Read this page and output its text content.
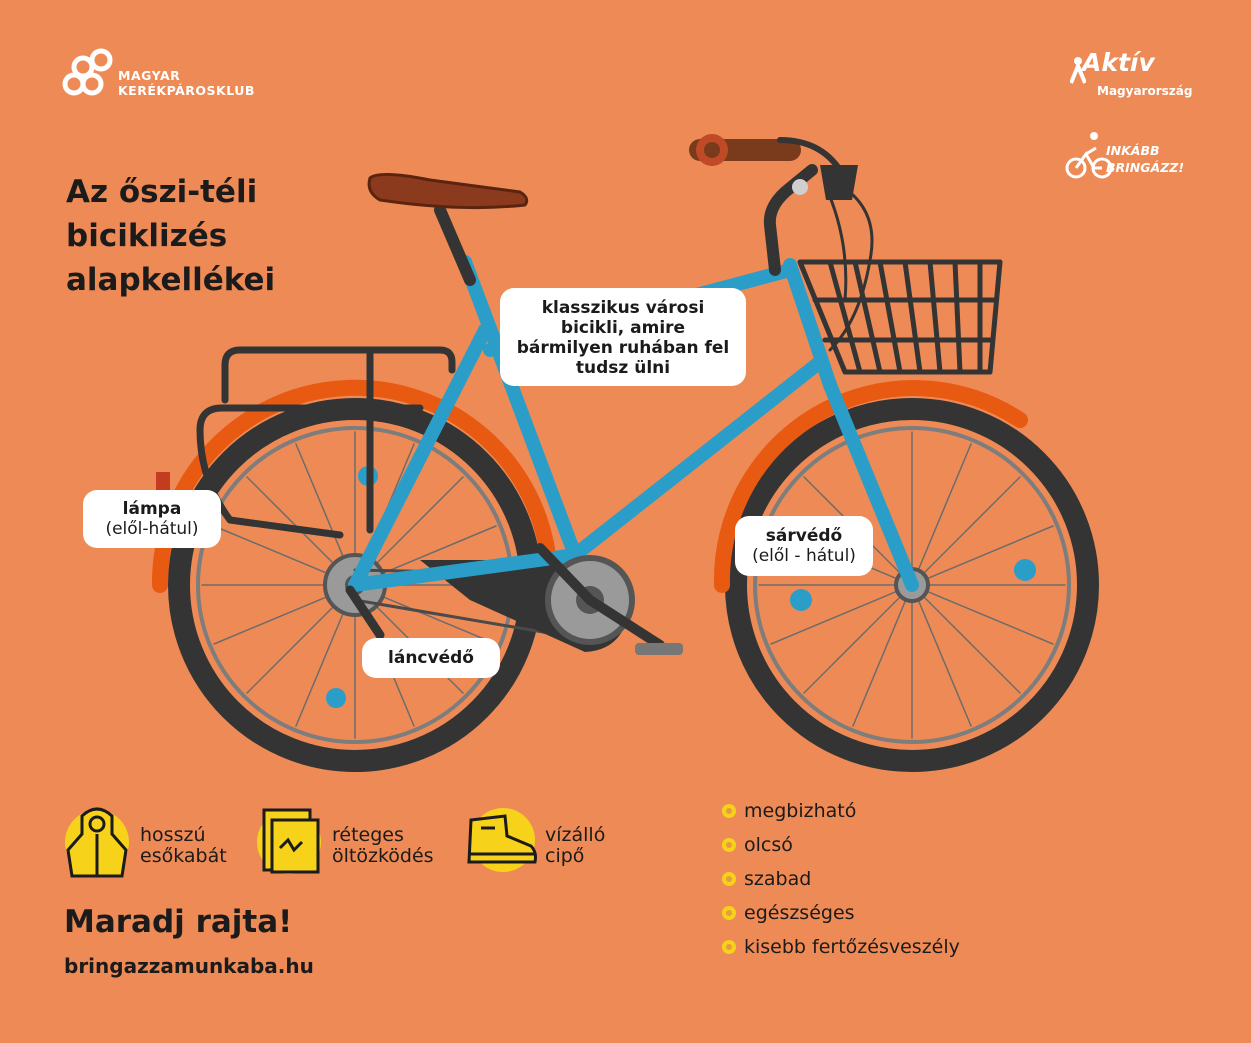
MAGYAR
KERÉKPÁROSKLUB
Aktív
Magyarország
INKÁBB
BRINGÁZZ!
Az őszi-téli
biciklizés
alapkellékei
klasszikus városi
bicikli, amire
bármilyen ruhában fel
tudsz ülni
lámpa
(elől-hátul)	sárvédő
(elől - hátul)
láncvédő
hosszú
esőkabát
réteges
öltözködés
vízálló
cipő
Maradj rajta!
bringazzamunkaba.hu
megbizható
olcsó
szabad
egészséges
kisebb fertőzésveszély
